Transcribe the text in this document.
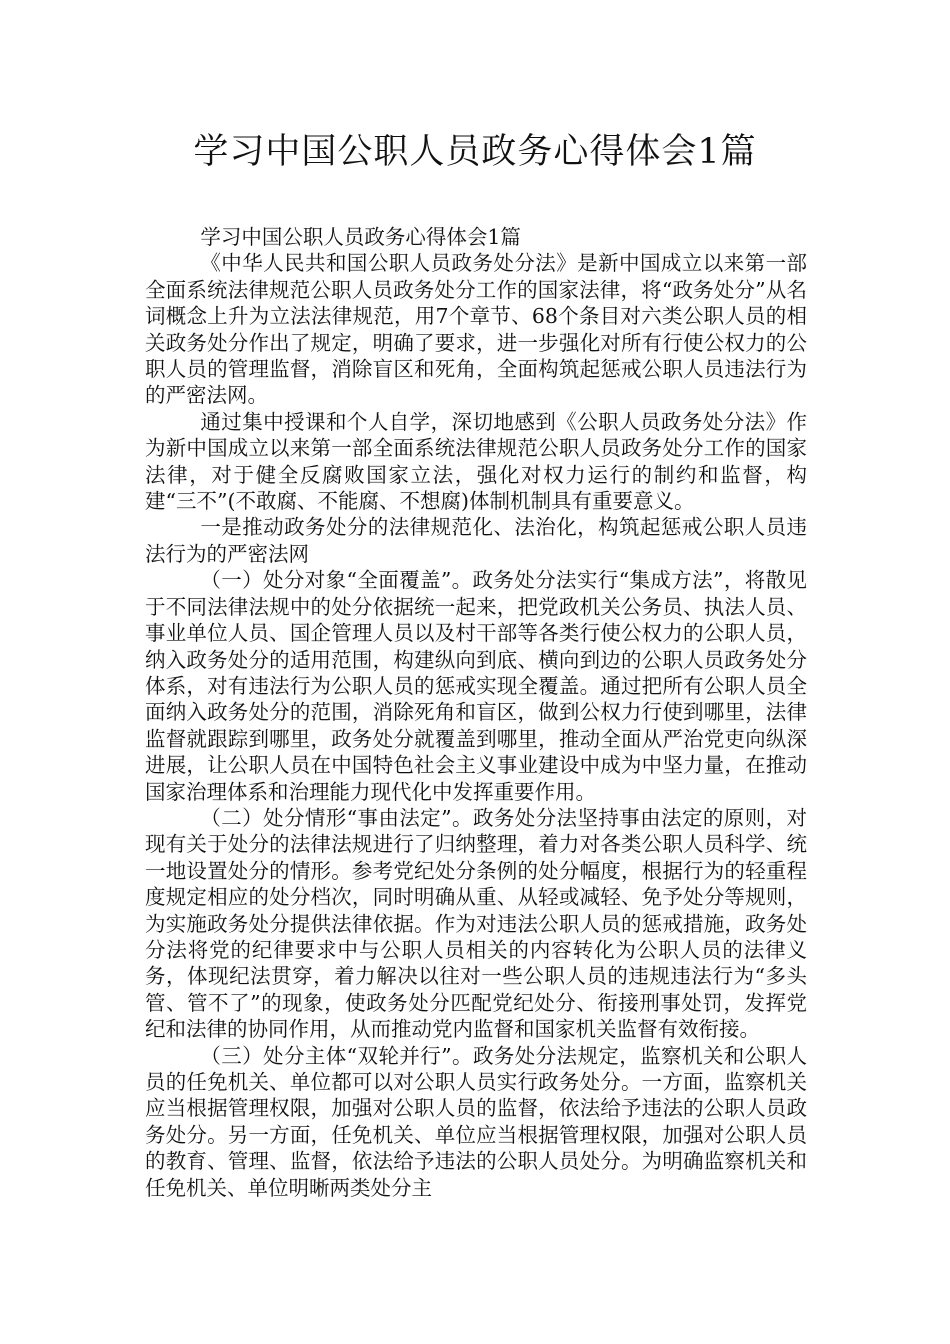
学习中国公职人员政务心得体会1篇

学习中国公职人员政务心得体会1篇

《中华人民共和国公职人员政务处分法》是新中国成立以来第一部全面系统法律规范公职人员政务处分工作的国家法律，将“政务处分”从名词概念上升为立法法律规范，用7个章节、68个条目对六类公职人员的相关政务处分作出了规定，明确了要求，进一步强化对所有行使公权力的公职人员的管理监督，消除盲区和死角，全面构筑起惩戒公职人员违法行为的严密法网。

通过集中授课和个人自学，深切地感到《公职人员政务处分法》作为新中国成立以来第一部全面系统法律规范公职人员政务处分工作的国家法律，对于健全反腐败国家立法，强化对权力运行的制约和监督，构建“三不”(不敢腐、不能腐、不想腐)体制机制具有重要意义。

一是推动政务处分的法律规范化、法治化，构筑起惩戒公职人员违法行为的严密法网

（一）处分对象“全面覆盖”。政务处分法实行“集成方法”，将散见于不同法律法规中的处分依据统一起来，把党政机关公务员、执法人员、事业单位人员、国企管理人员以及村干部等各类行使公权力的公职人员，纳入政务处分的适用范围，构建纵向到底、横向到边的公职人员政务处分体系，对有违法行为公职人员的惩戒实现全覆盖。通过把所有公职人员全面纳入政务处分的范围，消除死角和盲区，做到公权力行使到哪里，法律监督就跟踪到哪里，政务处分就覆盖到哪里，推动全面从严治党吏向纵深进展，让公职人员在中国特色社会主义事业建设中成为中坚力量，在推动国家治理体系和治理能力现代化中发挥重要作用。

（二）处分情形“事由法定”。政务处分法坚持事由法定的原则，对现有关于处分的法律法规进行了归纳整理，着力对各类公职人员科学、统一地设置处分的情形。参考党纪处分条例的处分幅度，根据行为的轻重程度规定相应的处分档次，同时明确从重、从轻或减轻、免予处分等规则，为实施政务处分提供法律依据。作为对违法公职人员的惩戒措施，政务处分法将党的纪律要求中与公职人员相关的内容转化为公职人员的法律义务，体现纪法贯穿，着力解决以往对一些公职人员的违规违法行为“多头管、管不了”的现象，使政务处分匹配党纪处分、衔接刑事处罚，发挥党纪和法律的协同作用，从而推动党内监督和国家机关监督有效衔接。

（三）处分主体“双轮并行”。政务处分法规定，监察机关和公职人员的任免机关、单位都可以对公职人员实行政务处分。一方面，监察机关应当根据管理权限，加强对公职人员的监督，依法给予违法的公职人员政务处分。另一方面，任免机关、单位应当根据管理权限，加强对公职人员的教育、管理、监督，依法给予违法的公职人员处分。为明确监察机关和任免机关、单位明晰两类处分主
